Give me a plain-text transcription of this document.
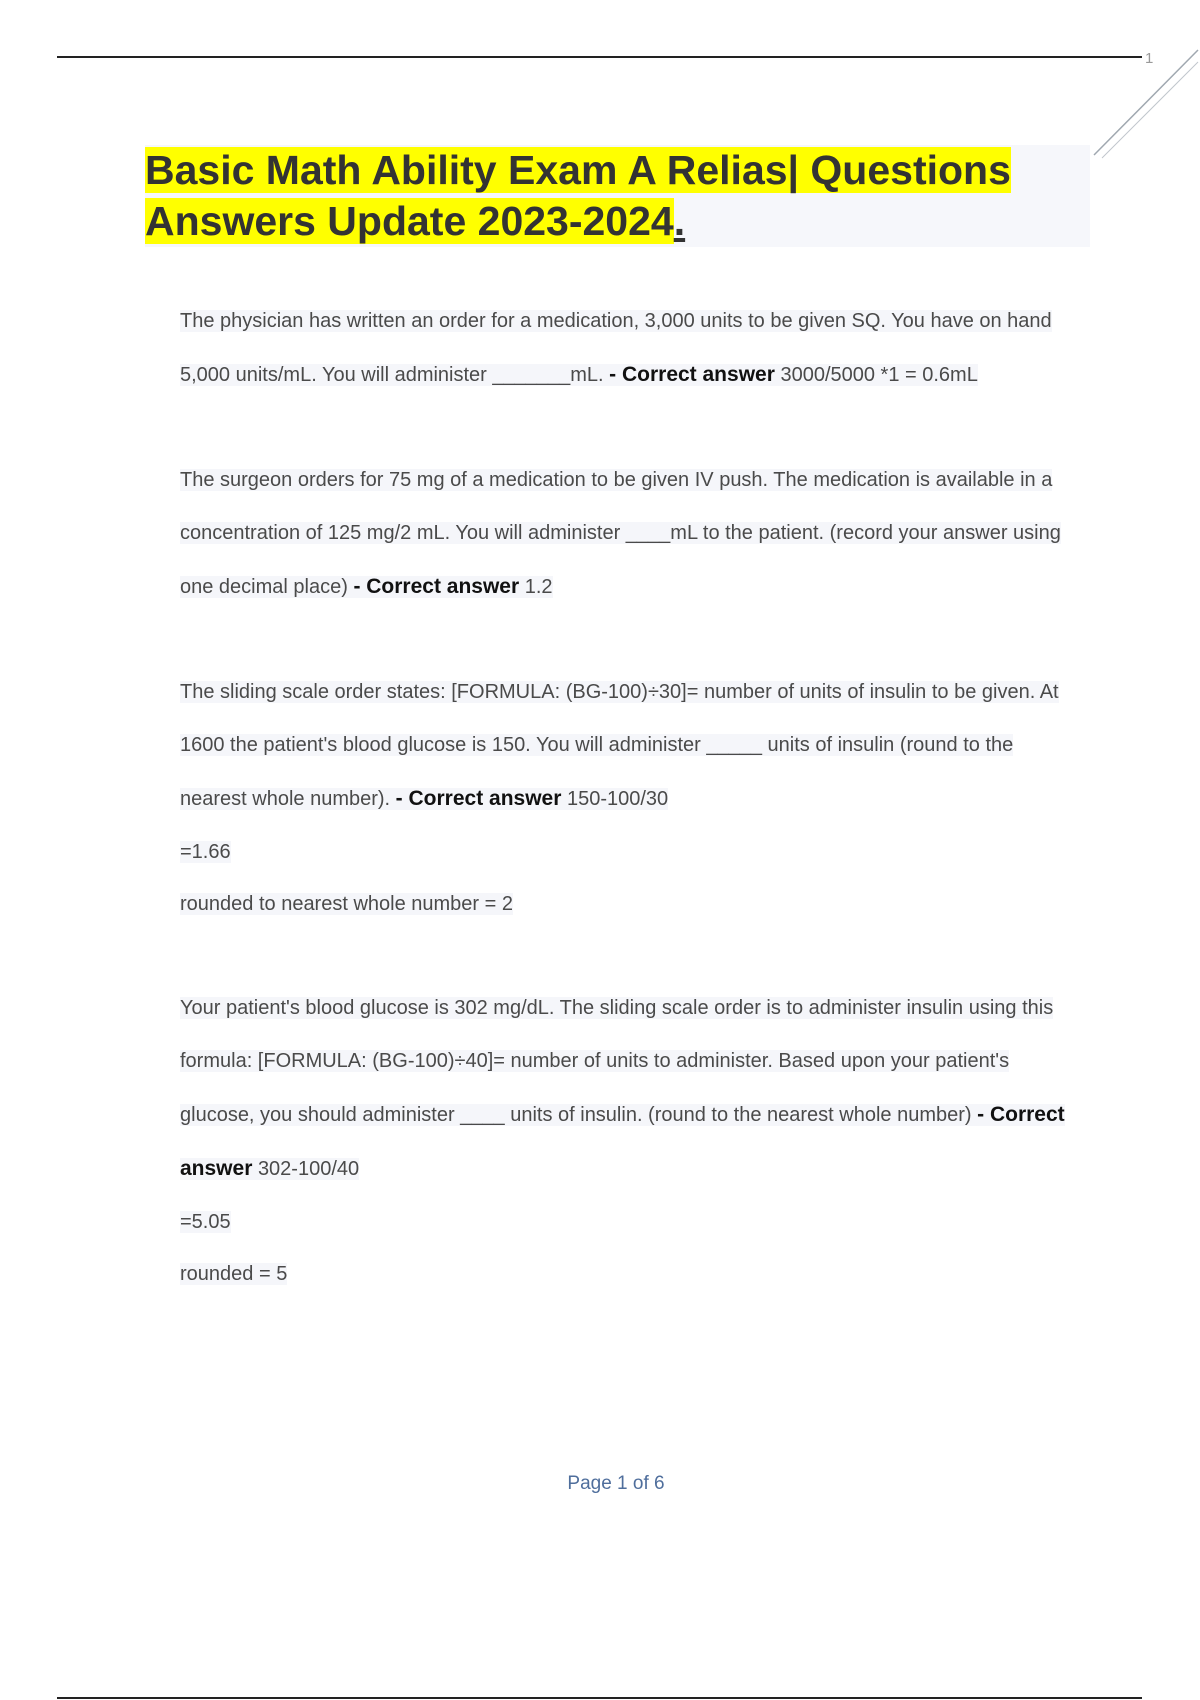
1
Basic Math Ability Exam A Relias| Questions Answers Update 2023-2024.

The physician has written an order for a medication, 3,000 units to be given SQ. You have on hand 5,000 units/mL. You will administer _______mL. - Correct answer 3000/5000 *1 = 0.6mL

The surgeon orders for 75 mg of a medication to be given IV push. The medication is available in a concentration of 125 mg/2 mL. You will administer ____mL to the patient. (record your answer using one decimal place) - Correct answer 1.2

The sliding scale order states: [FORMULA: (BG-100)÷30]= number of units of insulin to be given. At 1600 the patient's blood glucose is 150. You will administer _____ units of insulin (round to the nearest whole number). - Correct answer 150-100/30

=1.66

rounded to nearest whole number = 2

Your patient's blood glucose is 302 mg/dL. The sliding scale order is to administer insulin using this formula: [FORMULA: (BG-100)÷40]= number of units to administer. Based upon your patient's glucose, you should administer ____ units of insulin. (round to the nearest whole number) - Correct answer 302-100/40

=5.05

rounded = 5

Page 1 of 6
